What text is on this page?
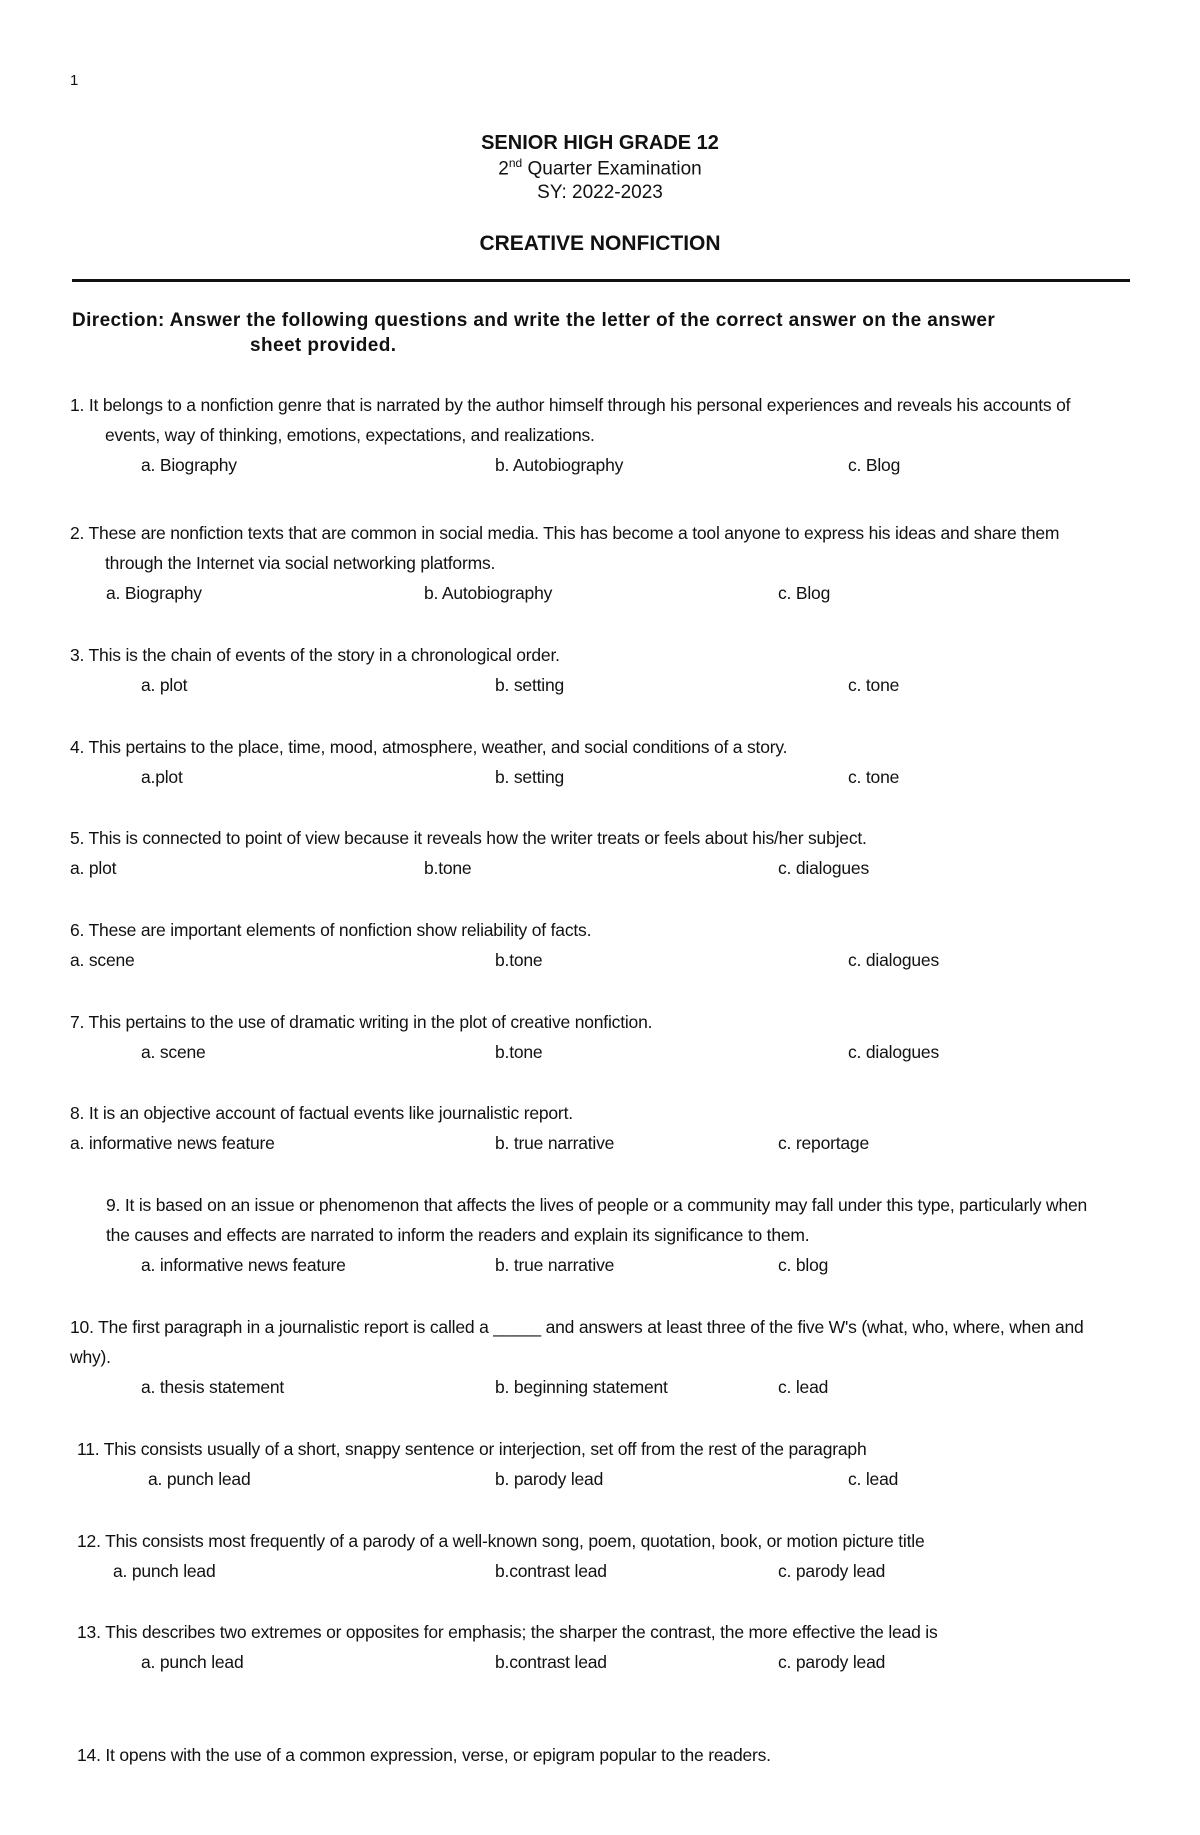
1
SENIOR HIGH GRADE 12
2nd Quarter Examination
SY: 2022-2023
CREATIVE NONFICTION
Direction: Answer the following questions and write the letter of the correct answer on the answer
sheet provided.
1. It belongs to a nonfiction genre that is narrated by the author himself through his personal experiences and reveals his accounts of
events, way of thinking, emotions, expectations, and realizations.
a. Biography	b. Autobiography	c. Blog
2. These are nonfiction texts that are common in social media. This has become a tool anyone to express his ideas and share them
through the Internet via social networking platforms.
a. Biography	b. Autobiography	c. Blog
3. This is the chain of events of the story in a chronological order.
a. plot	b. setting	c. tone
4. This pertains to the place, time, mood, atmosphere, weather, and social conditions of a story.
a.plot	b. setting	c. tone
5. This is connected to point of view because it reveals how the writer treats or feels about his/her subject.
a. plot	b.tone	c. dialogues
6. These are important elements of nonfiction show reliability of facts.
a. scene	b.tone	c. dialogues
7. This pertains to the use of dramatic writing in the plot of creative nonfiction.
a. scene	b.tone	c. dialogues
8. It is an objective account of factual events like journalistic report.
a. informative news feature	b. true narrative	c. reportage
9. It is based on an issue or phenomenon that affects the lives of people or a community may fall under this type, particularly when
the causes and effects are narrated to inform the readers and explain its significance to them.
a. informative news feature	b. true narrative	c. blog
10. The first paragraph in a journalistic report is called a _____ and answers at least three of the five W's (what, who, where, when and
why).
a. thesis statement	b. beginning statement	c. lead
11. This consists usually of a short, snappy sentence or interjection, set off from the rest of the paragraph
a. punch lead	b. parody lead	c. lead
12. This consists most frequently of a parody of a well-known song, poem, quotation, book, or motion picture title
a. punch lead	b.contrast lead	c. parody lead
13. This describes two extremes or opposites for emphasis; the sharper the contrast, the more effective the lead is
a. punch lead	b.contrast lead	c. parody lead
14. It opens with the use of a common expression, verse, or epigram popular to the readers.
